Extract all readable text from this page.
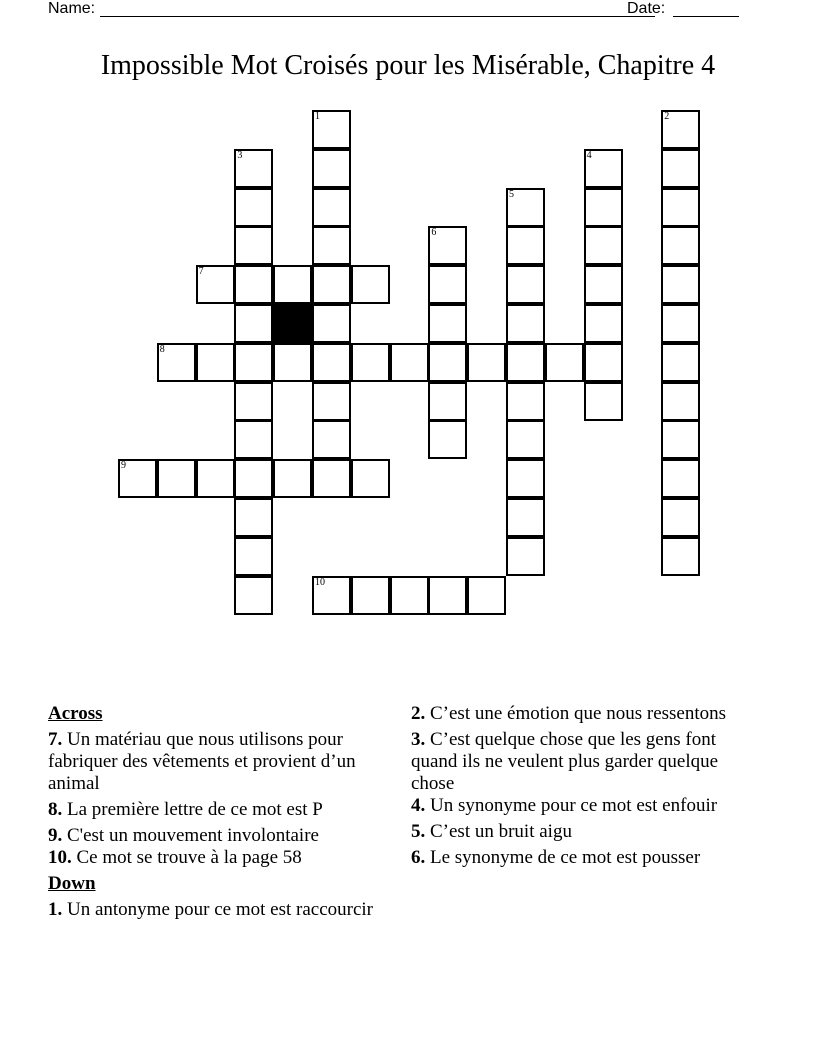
Name:	Date:
Impossible Mot Croisés pour les Misérable, Chapitre 4
1	2
3	4
5
6
7
8
9
10
Across
7. Un matériau que nous utilisons pour fabriquer des vêtements et provient d’un animal
8. La première lettre de ce mot est P
9. C'est un mouvement involontaire
10. Ce mot se trouve à la page 58
Down
1. Un antonyme pour ce mot est raccourcir
2. C’est une émotion que nous ressentons
3. C’est quelque chose que les gens font quand ils ne veulent plus garder quelque chose
4. Un synonyme pour ce mot est enfouir
5. C’est un bruit aigu
6. Le synonyme de ce mot est pousser
